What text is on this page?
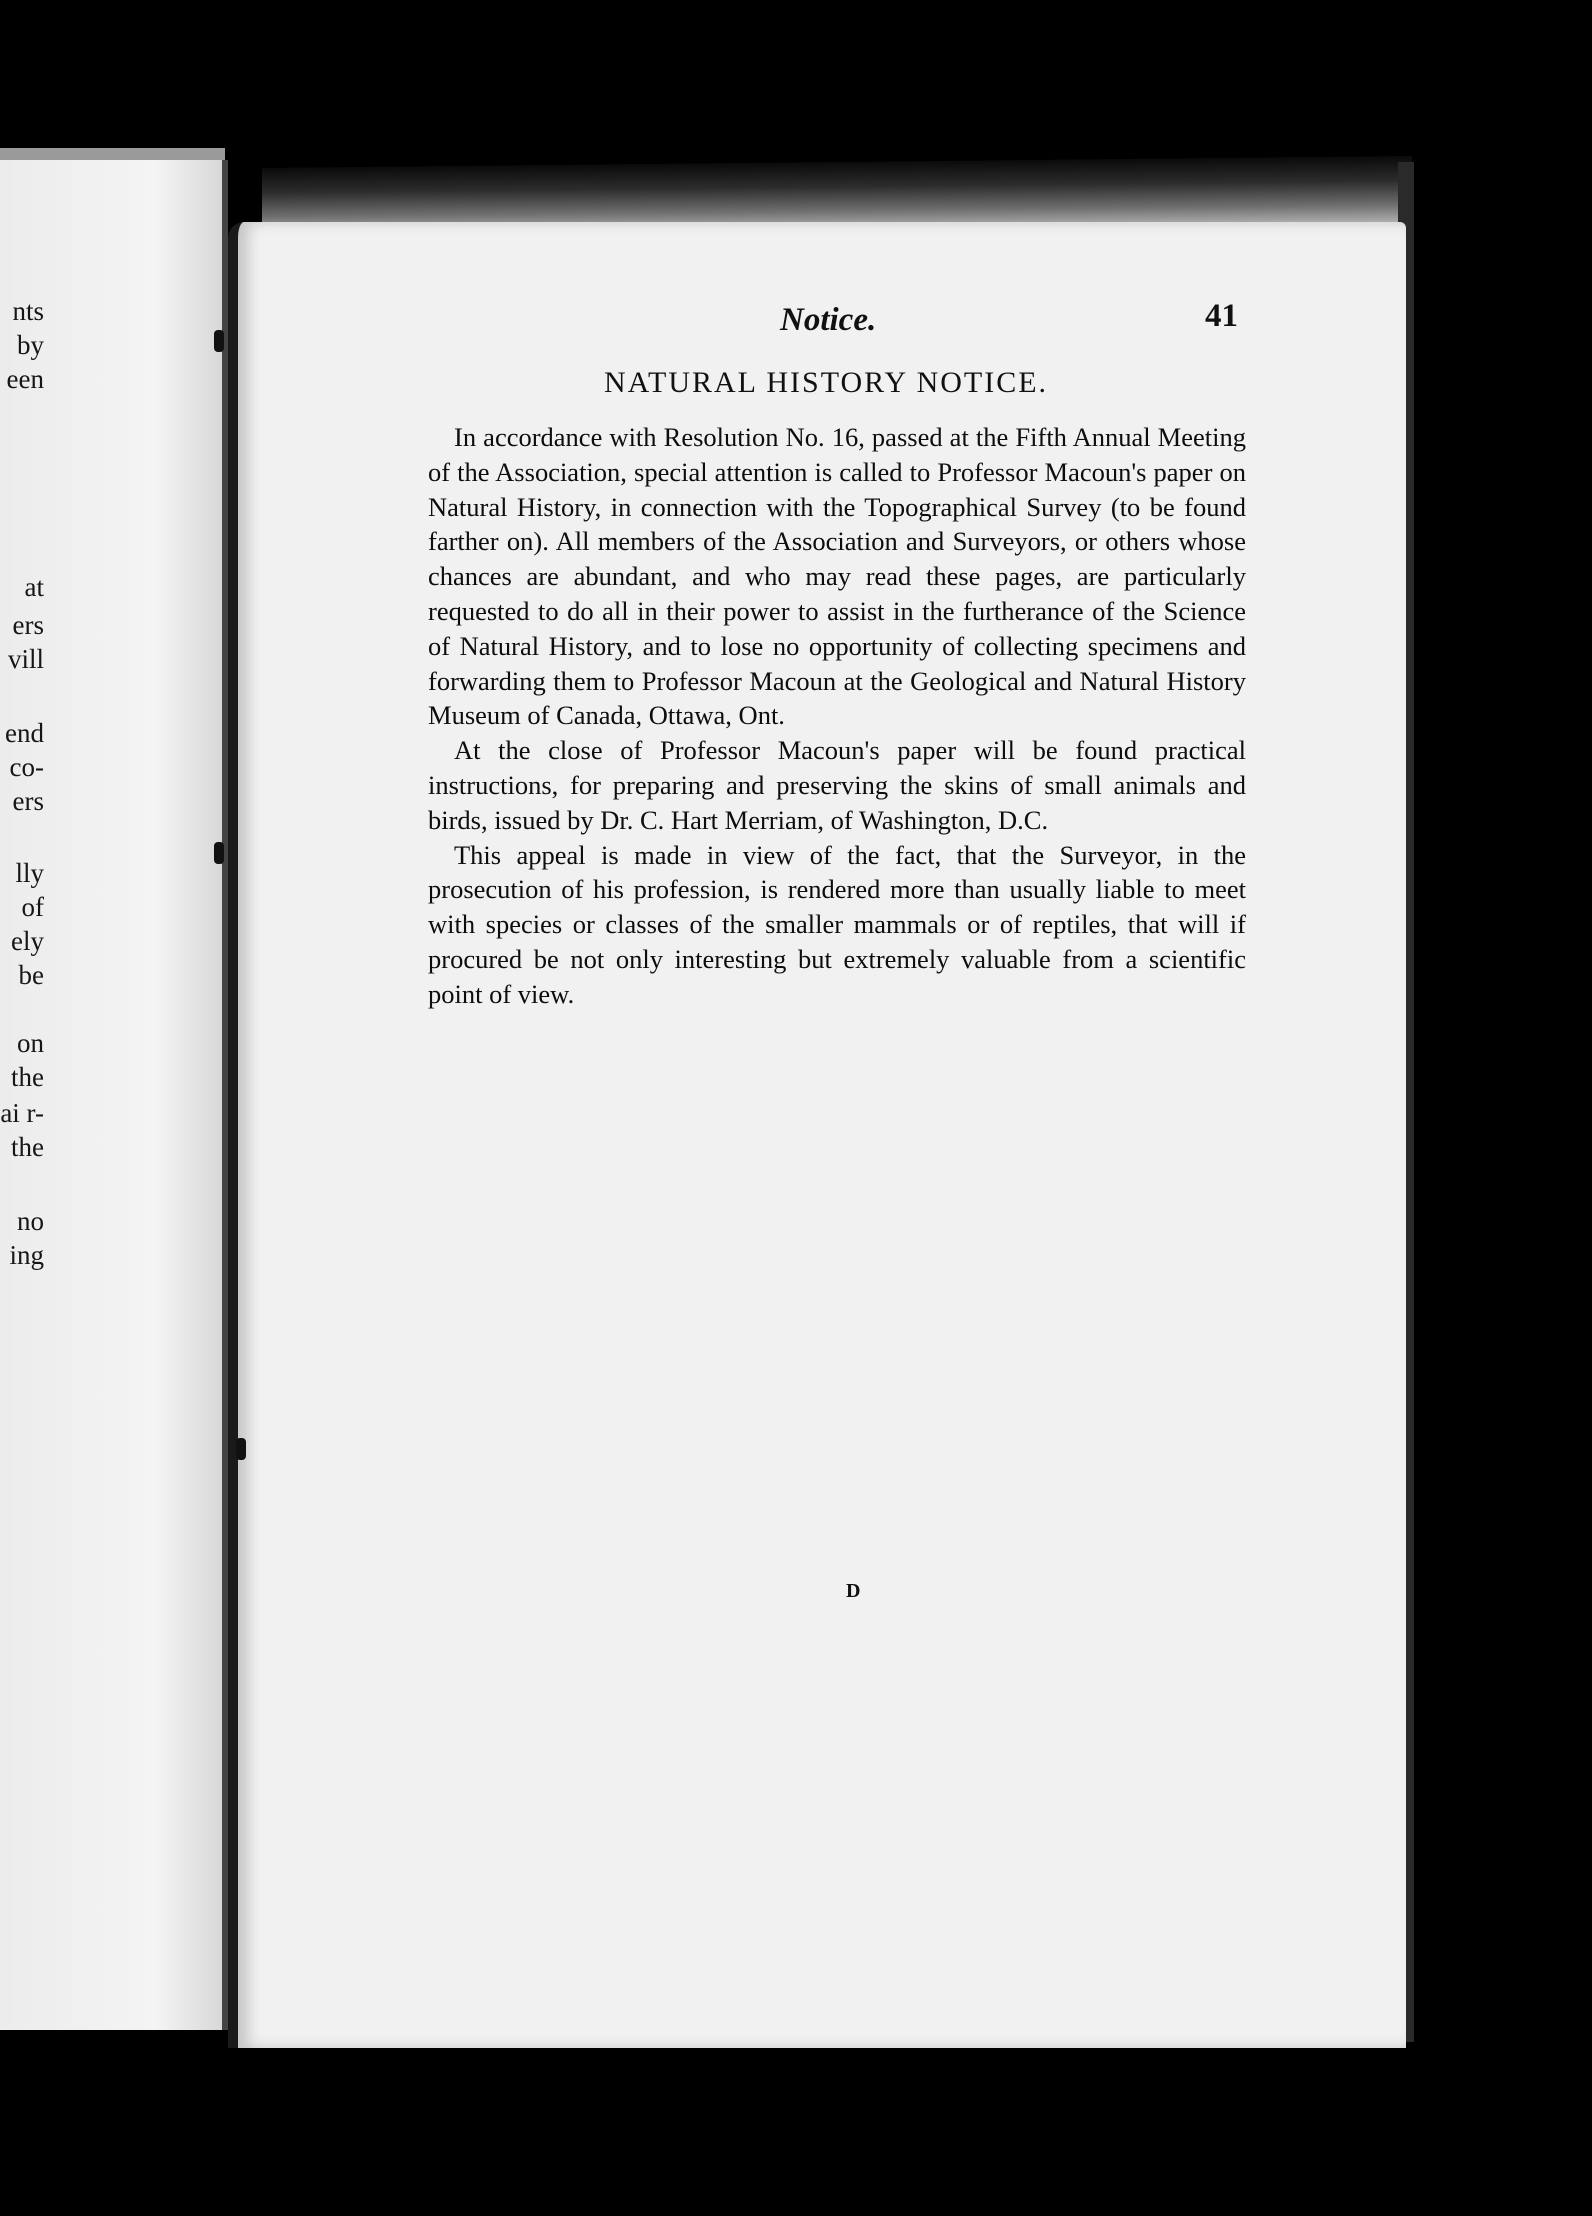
nts
by
een
at
ers
vill
end
co-
ers
lly
of
ely
be
on
the
ai r-
the
no
ing
Notice.	41
NATURAL HISTORY NOTICE.

In accordance with Resolution No. 16, passed at the Fifth Annual Meeting of the Association, special attention is called to Professor Macoun's paper on Natural History, in connection with the Topographical Survey (to be found farther on). All members of the Association and Surveyors, or others whose chances are abundant, and who may read these pages, are particularly requested to do all in their power to assist in the furtherance of the Science of Natural History, and to lose no opportunity of collecting specimens and forwarding them to Professor Macoun at the Geological and Natural History Museum of Canada, Ottawa, Ont.

At the close of Professor Macoun's paper will be found practical instructions, for preparing and preserving the skins of small animals and birds, issued by Dr. C. Hart Merriam, of Washington, D.C.

This appeal is made in view of the fact, that the Surveyor, in the prosecution of his profession, is rendered more than usually liable to meet with species or classes of the smaller mammals or of reptiles, that will if procured be not only interesting but extremely valuable from a scientific point of view.

D
